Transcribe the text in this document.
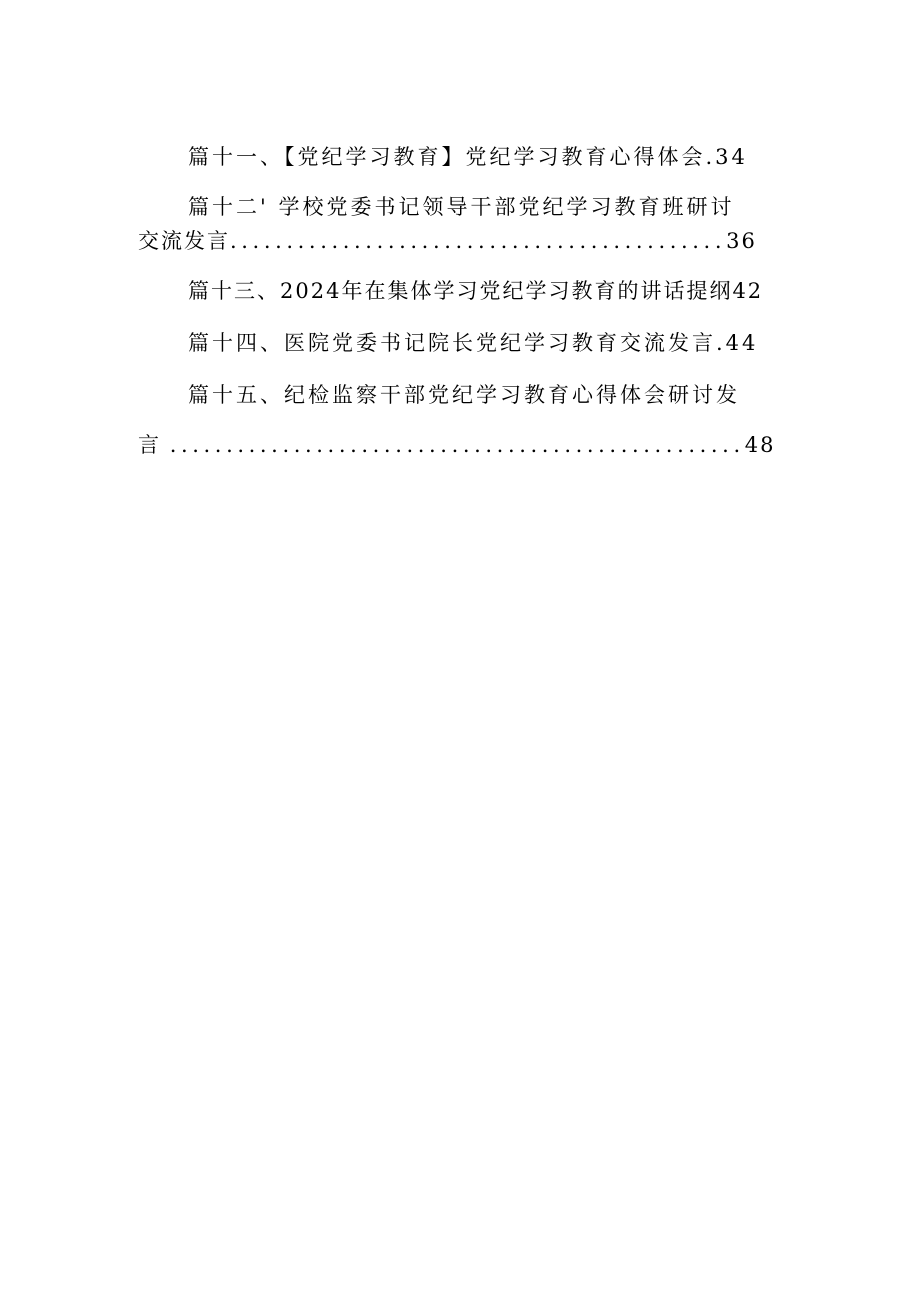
篇十一、【党纪学习教育】党纪学习教育心得体会.34
篇十二' 学校党委书记领导干部党纪学习教育班研讨
交流发言............................................36
篇十三、2024年在集体学习党纪学习教育的讲话提纲42
篇十四、医院党委书记院长党纪学习教育交流发言.44
篇十五、纪检监察干部党纪学习教育心得体会研讨发
言 ...................................................48
